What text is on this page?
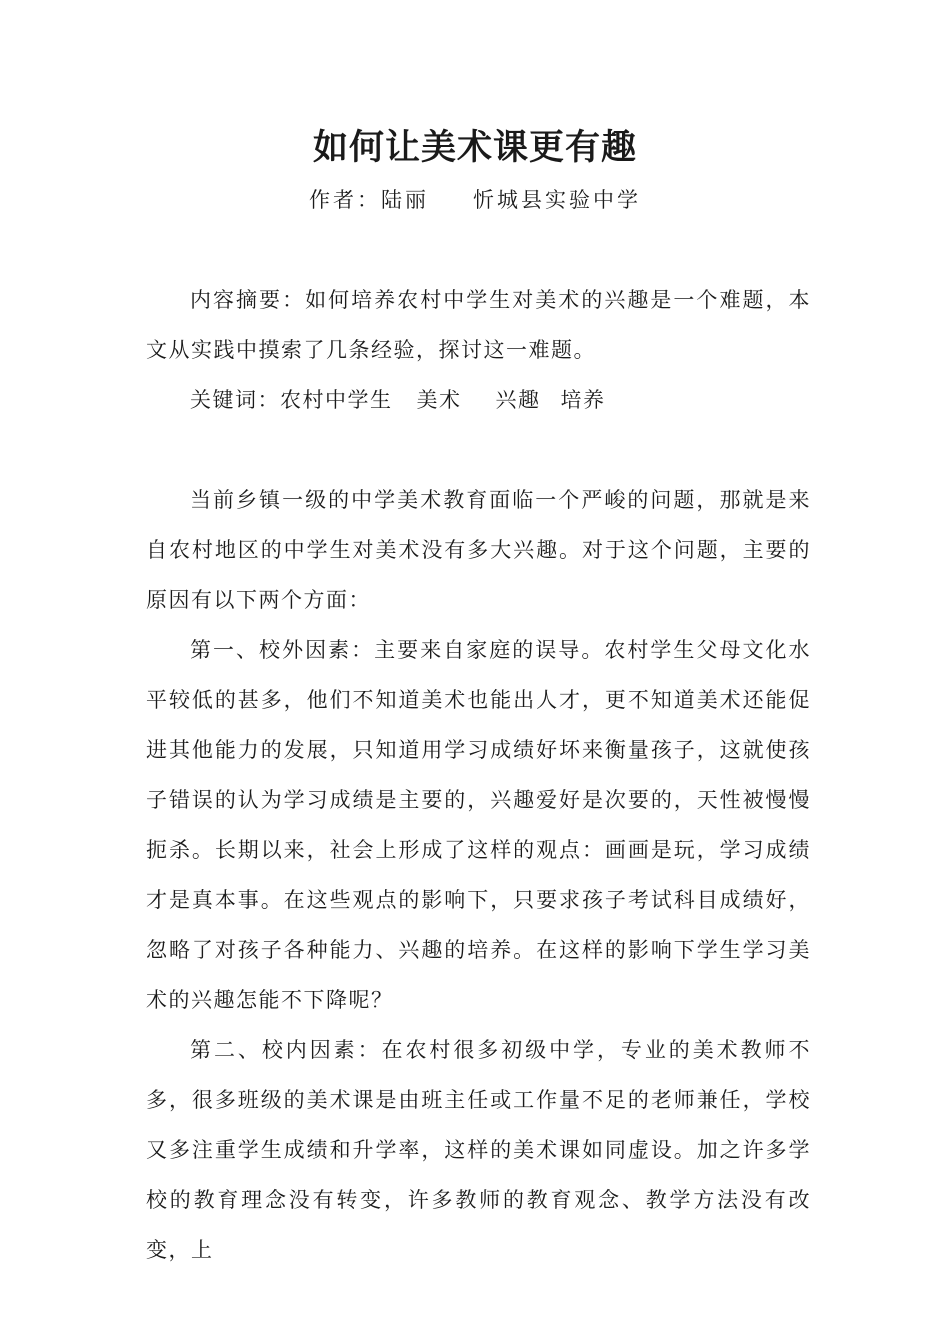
如何让美术课更有趣
作者：陆丽 忻城县实验中学

内容摘要：如何培养农村中学生对美术的兴趣是一个难题，本文从实践中摸索了几条经验，探讨这一难题。

关键词：农村中学生 美术 兴趣 培养

当前乡镇一级的中学美术教育面临一个严峻的问题，那就是来自农村地区的中学生对美术没有多大兴趣。对于这个问题，主要的原因有以下两个方面：

第一、校外因素：主要来自家庭的误导。农村学生父母文化水平较低的甚多，他们不知道美术也能出人才，更不知道美术还能促进其他能力的发展，只知道用学习成绩好坏来衡量孩子，这就使孩子错误的认为学习成绩是主要的，兴趣爱好是次要的，天性被慢慢扼杀。长期以来，社会上形成了这样的观点：画画是玩，学习成绩才是真本事。在这些观点的影响下，只要求孩子考试科目成绩好，忽略了对孩子各种能力、兴趣的培养。在这样的影响下学生学习美术的兴趣怎能不下降呢？

第二、校内因素：在农村很多初级中学，专业的美术教师不多，很多班级的美术课是由班主任或工作量不足的老师兼任，学校又多注重学生成绩和升学率，这样的美术课如同虚设。加之许多学校的教育理念没有转变，许多教师的教育观念、教学方法没有改变，上
